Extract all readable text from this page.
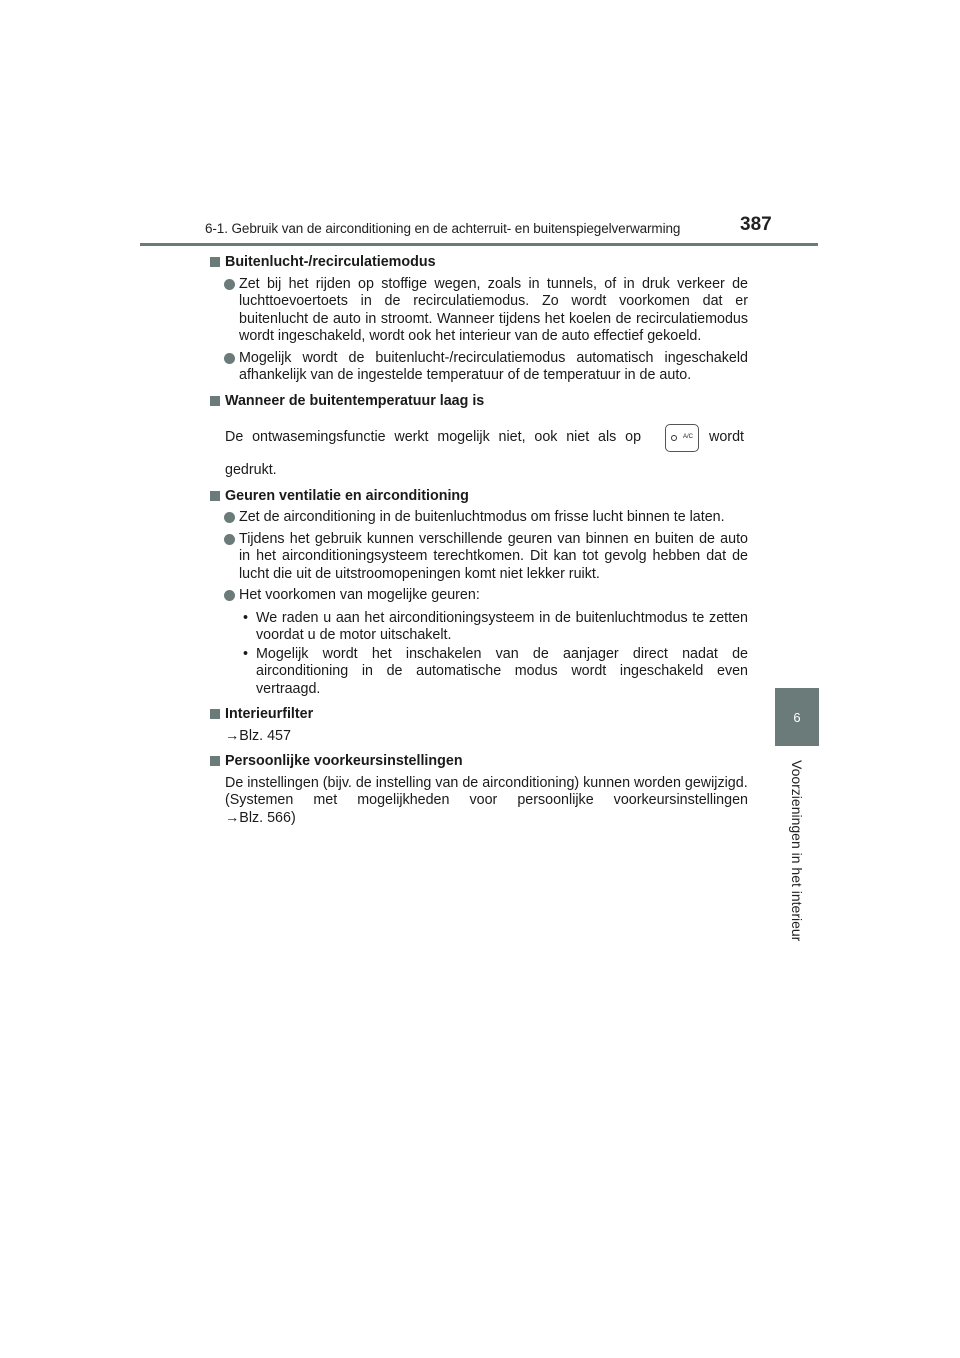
6-1. Gebruik van de airconditioning en de achterruit- en buitenspiegelverwarming	387
6
Voorzieningen in het interieur
Buitenlucht-/recirculatiemodus
Zet bij het rijden op stoffige wegen, zoals in tunnels, of in druk verkeer de luchttoevoertoets in de recirculatiemodus. Zo wordt voorkomen dat er buitenlucht de auto in stroomt. Wanneer tijdens het koelen de recirculatiemodus wordt ingeschakeld, wordt ook het interieur van de auto effectief gekoeld.
Mogelijk wordt de buitenlucht-/recirculatiemodus automatisch ingeschakeld afhankelijk van de ingestelde temperatuur of de temperatuur in de auto.
Wanneer de buitentemperatuur laag is
De ontwasemingsfunctie werkt mogelijk niet, ook niet als op	A/C wordt
gedrukt.
Geuren ventilatie en airconditioning
Zet de airconditioning in de buitenluchtmodus om frisse lucht binnen te laten.
Tijdens het gebruik kunnen verschillende geuren van binnen en buiten de auto in het airconditioningsysteem terechtkomen. Dit kan tot gevolg hebben dat de lucht die uit de uitstroomopeningen komt niet lekker ruikt.
Het voorkomen van mogelijke geuren:
• We raden u aan het airconditioningsysteem in de buitenluchtmodus te zetten voordat u de motor uitschakelt.
• Mogelijk wordt het inschakelen van de aanjager direct nadat de airconditioning in de automatische modus wordt ingeschakeld even vertraagd.
Interieurfilter
→Blz. 457
Persoonlijke voorkeursinstellingen
De instellingen (bijv. de instelling van de airconditioning) kunnen worden gewijzigd.
(Systemen met mogelijkheden voor persoonlijke voorkeursinstellingen
→Blz. 566)
